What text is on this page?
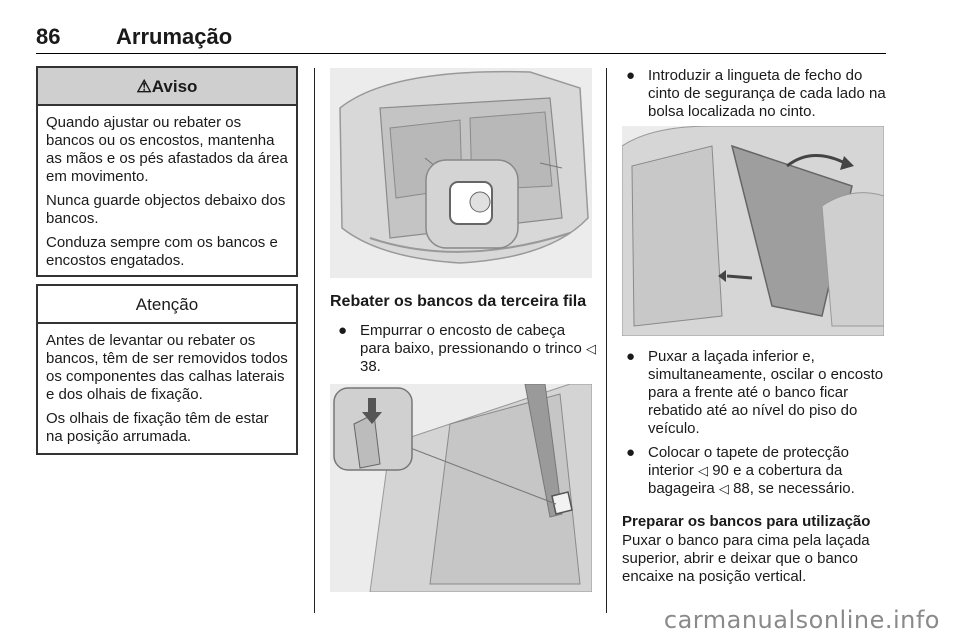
86	Arrumação
⚠Aviso

Quando ajustar ou rebater os bancos ou os encostos, mantenha as mãos e os pés afastados da área em movimento.

Nunca guarde objectos debaixo dos bancos.

Conduza sempre com os bancos e encostos engatados.

Atenção

Antes de levantar ou rebater os bancos, têm de ser removidos todos os componentes das calhas laterais e dos olhais de fixação.

Os olhais de fixação têm de estar na posição arrumada.

Rebater os bancos da terceira fila
● Empurrar o encosto de cabeça para baixo, pressionando o trinco ◁ 38.
● Introduzir a lingueta de fecho do cinto de segurança de cada lado na bolsa localizada no cinto.
● Puxar a laçada inferior e, simultaneamente, oscilar o encosto para a frente até o banco ficar rebatido até ao nível do piso do veículo.
● Colocar o tapete de protecção interior ◁ 90 e a cobertura da bagageira ◁ 88, se necessário.
Preparar os bancos para utilização
Puxar o banco para cima pela laçada superior, abrir e deixar que o banco encaixe na posição vertical.
carmanualsonline.info
